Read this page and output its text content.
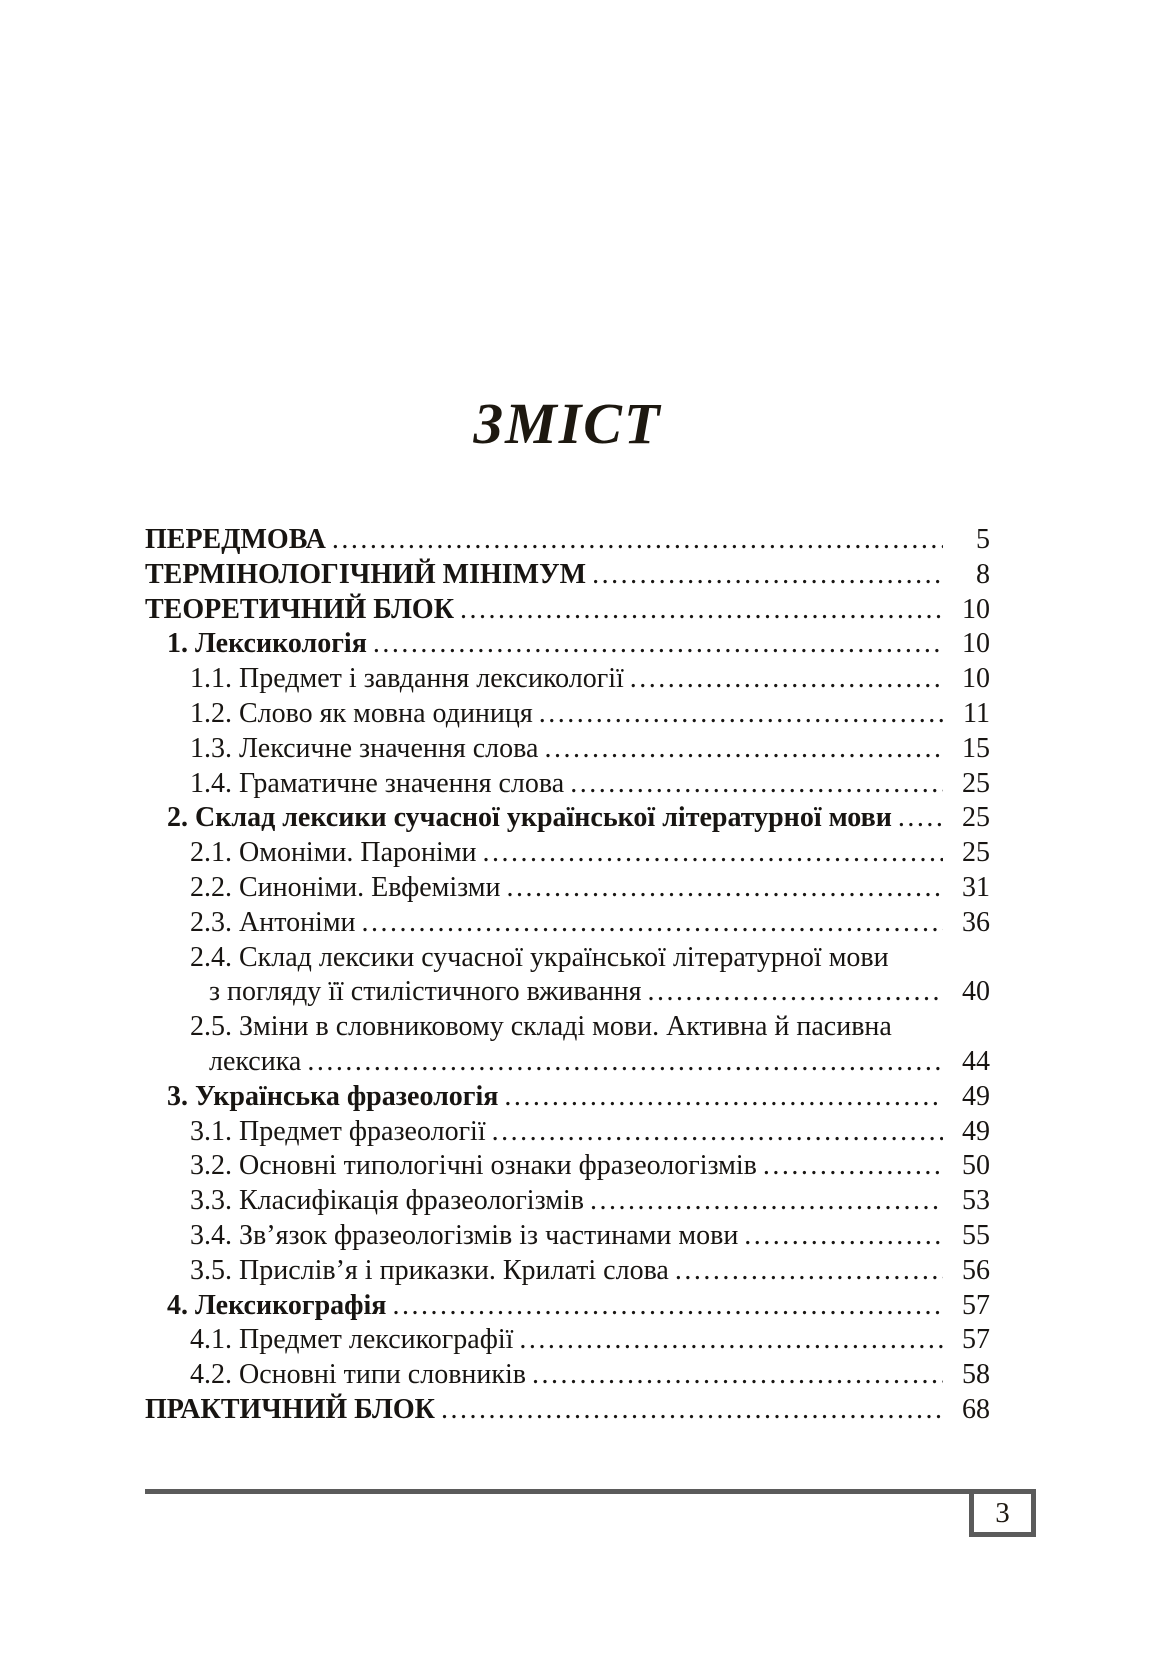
ЗМІСТ
ПЕРЕДМОВА .....	5
ТЕРМІНОЛОГІЧНИЙ МІНІМУМ .....	8
ТЕОРЕТИЧНИЙ БЛОК .....	10
1. Лексикологія .....	10
1.1. Предмет і завдання лексикології .....	10
1.2. Слово як мовна одиниця .....	11
1.3. Лексичне значення слова .....	15
1.4. Граматичне значення слова .....	25
2. Склад лексики сучасної української літературної мови .....	25
2.1. Омоніми. Пароніми .....	25
2.2. Синоніми. Евфемізми .....	31
2.3. Антоніми .....	36
2.4. Склад лексики сучасної української літературної мови
з погляду її стилістичного вживання .....	40
2.5. Зміни в словниковому складі мови. Активна й пасивна
лексика .....	44
3. Українська фразеологія .....	49
3.1. Предмет фразеології .....	49
3.2. Основні типологічні ознаки фразеологізмів .....	50
3.3. Класифікація фразеологізмів .....	53
3.4. Зв’язок фразеологізмів із частинами мови .....	55
3.5. Прислів’я і приказки. Крилаті слова .....	56
4. Лексикографія .....	57
4.1. Предмет лексикографії .....	57
4.2. Основні типи словників .....	58
ПРАКТИЧНИЙ БЛОК .....	68
3
